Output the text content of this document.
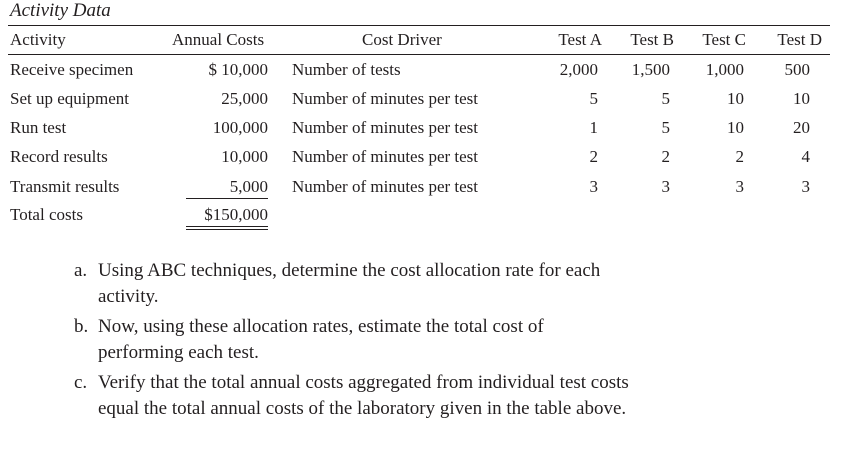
Activity Data
Activity	Annual Costs	Cost Driver	Test A	Test B	Test C	Test D
Receive specimen	$ 10,000 Number of tests	2,000	1,500	1,000	500
Set up equipment	25,000 Number of minutes per test	5	5	10	10
Run test	100,000 Number of minutes per test	1	5	10	20
Record results	10,000 Number of minutes per test	2	2	2	4
Transmit results	5,000 Number of minutes per test	3	3	3	3
Total costs	$150,000
a. Using ABC techniques, determine the cost allocation rate for each activity.
b. Now, using these allocation rates, estimate the total cost of performing each test.
c. Verify that the total annual costs aggregated from individual test costs equal the total annual costs of the laboratory given in the table above.
